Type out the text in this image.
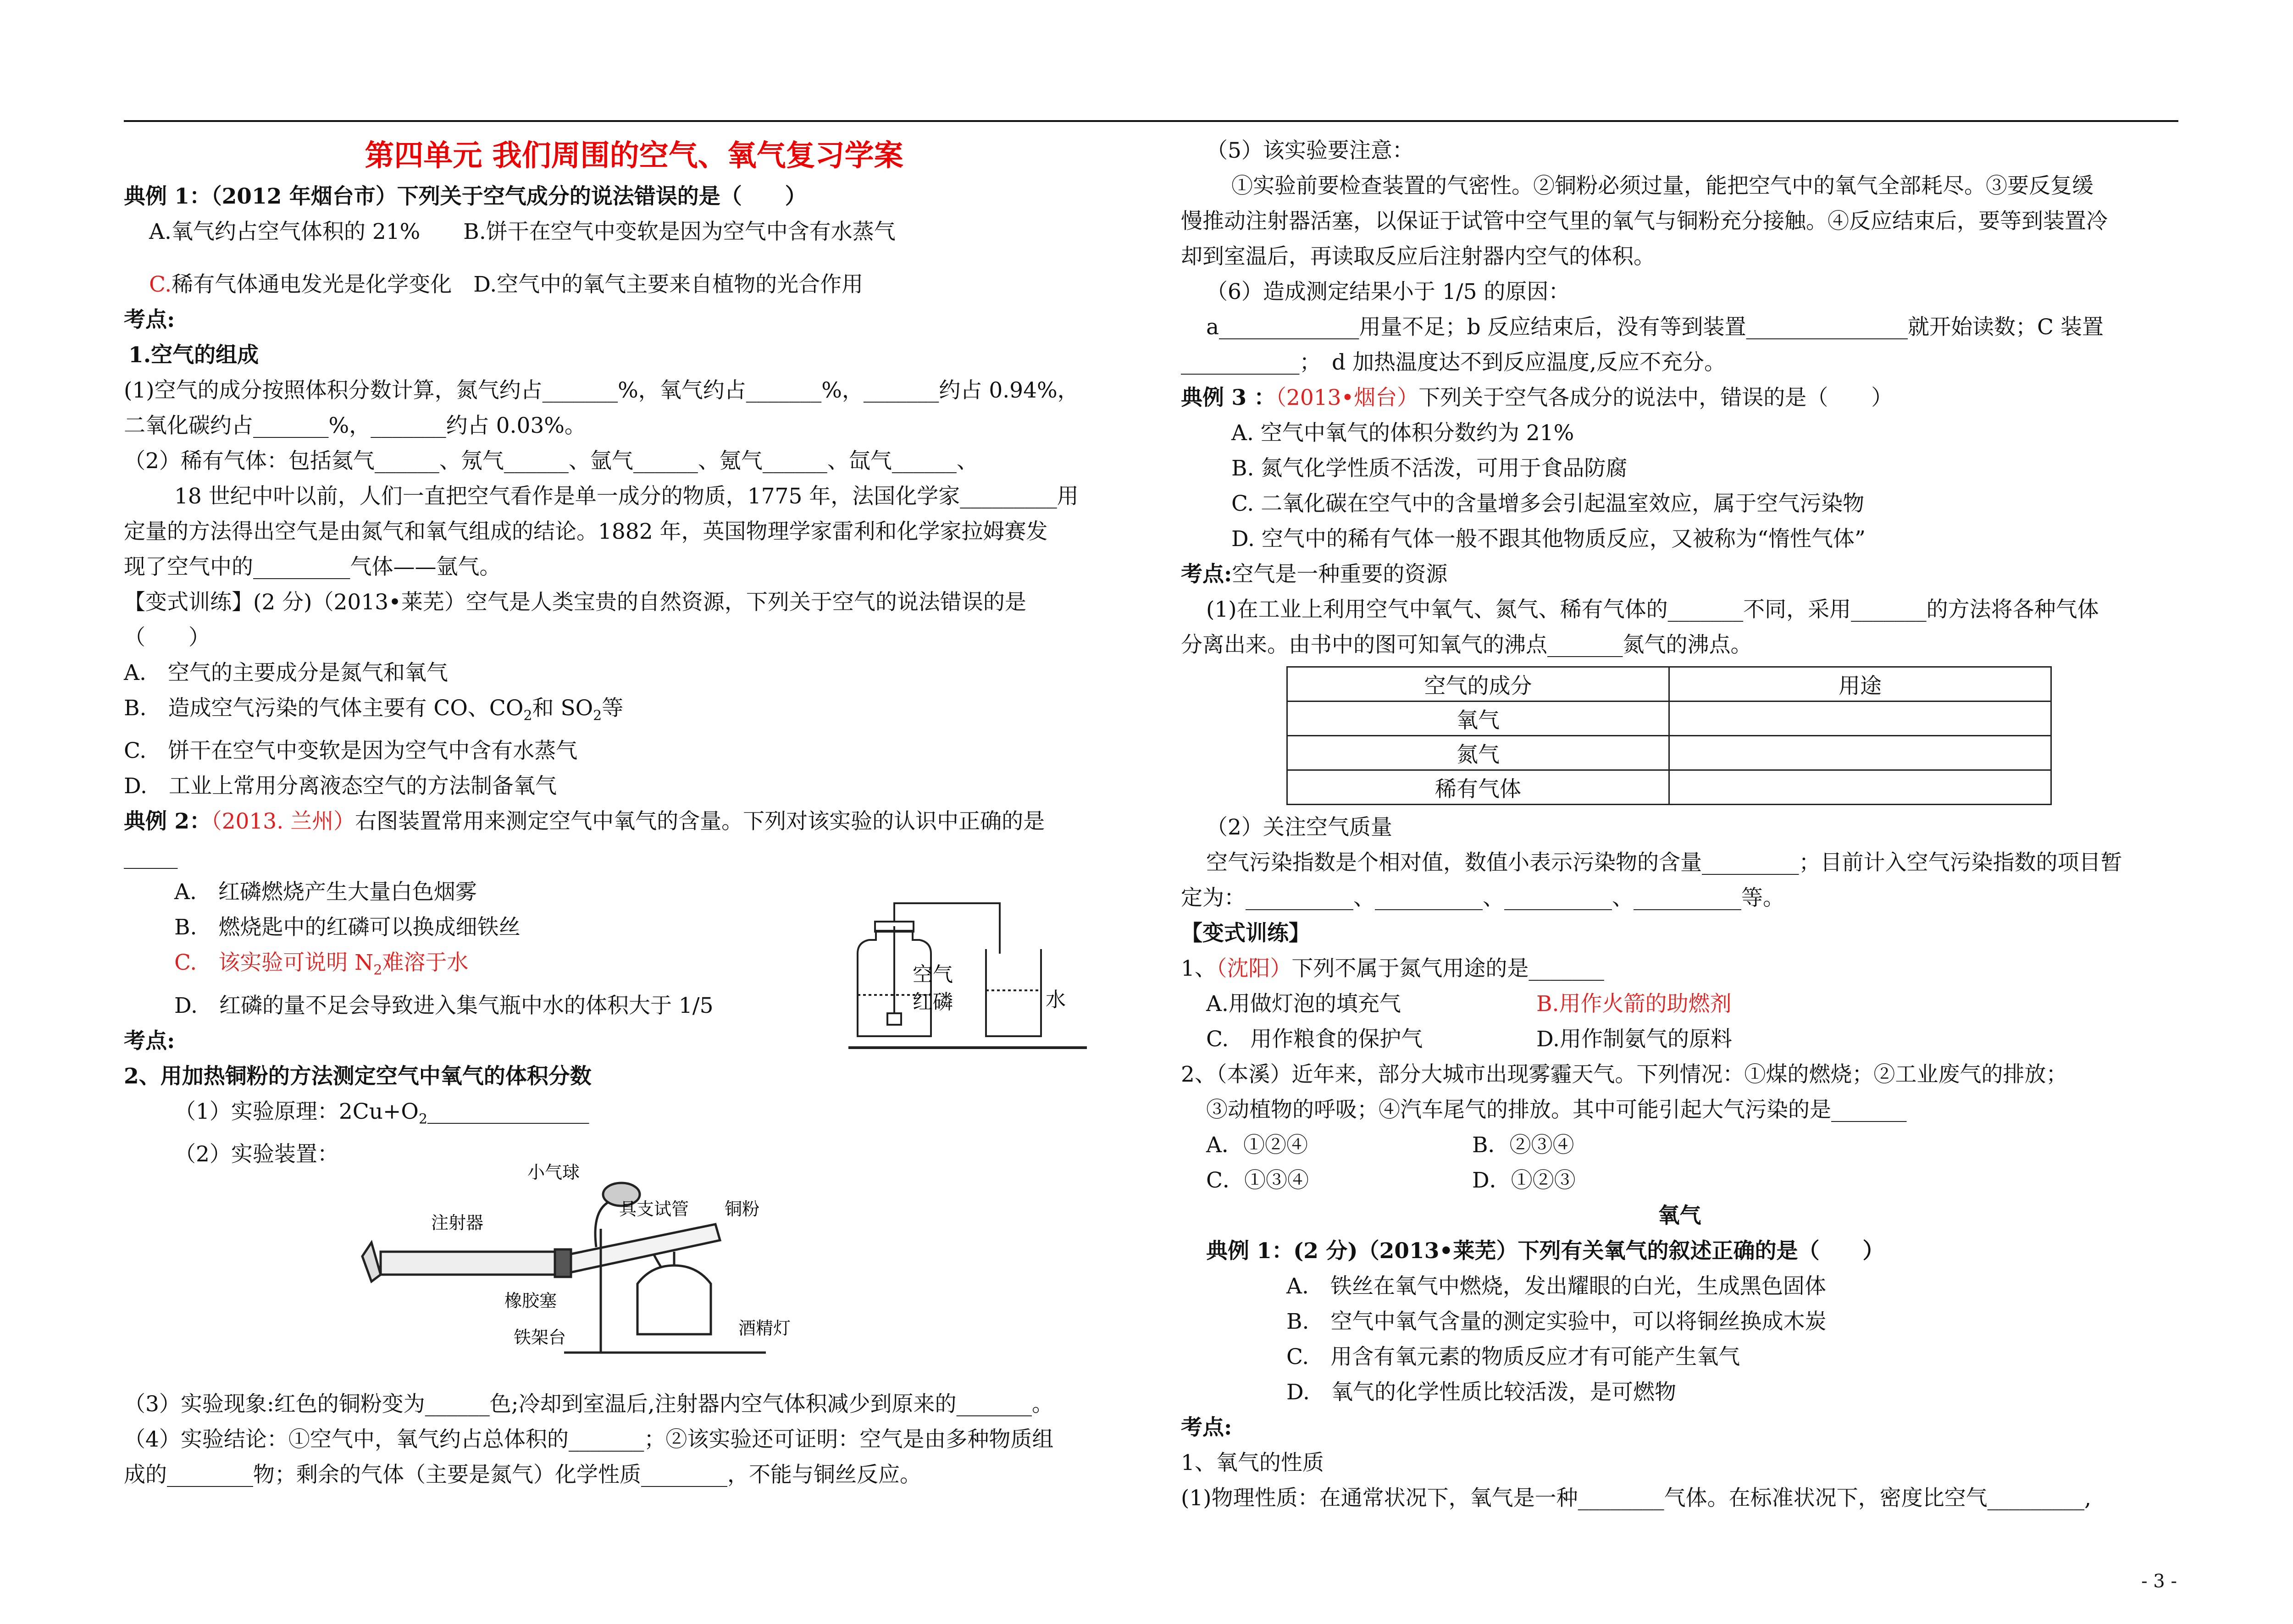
第四单元 我们周围的空气、氧气复习学案
典例 1：（2012 年烟台市）下列关于空气成分的说法错误的是（　　）
A.氧气约占空气体积的 21%　　B.饼干在空气中变软是因为空气中含有水蒸气
C.稀有气体通电发光是化学变化　D.空气中的氧气主要来自植物的光合作用
考点:
1.空气的组成
(1)空气的成分按照体积分数计算，氮气约占_______%，氧气约占_______%，_______约占 0.94%，
二氧化碳约占_______%，_______约占 0.03%。
（2）稀有气体：包括氦气______、氖气______、氩气______、氪气______、氙气______、
18 世纪中叶以前，人们一直把空气看作是单一成分的物质，1775 年，法国化学家_________用
定量的方法得出空气是由氮气和氧气组成的结论。1882 年，英国物理学家雷利和化学家拉姆赛发
现了空气中的_________气体——氩气。
【变式训练】(2 分)（2013•莱芜）空气是人类宝贵的自然资源，下列关于空气的说法错误的是
（　　）
A.　空气的主要成分是氮气和氧气
B.　造成空气污染的气体主要有 CO、$CO_2$和 $SO_2$等
C.　饼干在空气中变软是因为空气中含有水蒸气
D.　工业上常用分离液态空气的方法制备氧气
典例 2：（2013. 兰州）右图装置常用来测定空气中氧气的含量。下列对该实验的认识中正确的是
_____
A.　红磷燃烧产生大量白色烟雾
B.　燃烧匙中的红磷可以换成细铁丝
C.　该实验可说明 $N_2$难溶于水
D.　红磷的量不足会导致进入集气瓶中水的体积大于 1/5
考点:
2、用加热铜粉的方法测定空气中氧气的体积分数
（1）实验原理：$2Cu+O_2\_\_\_\_\_\_\_\_\_\_\_\_\_\_\_$
（2）实验装置：
（3）实验现象:红色的铜粉变为______色;冷却到室温后,注射器内空气体积减少到原来的_______。
（4）实验结论：①空气中，氧气约占总体积的_______；②该实验还可证明：空气是由多种物质组
成的________物；剩余的气体（主要是氮气）化学性质________，不能与铜丝反应。
空气
红磷	水
小气球
具支试管 铜粉
注射器
橡胶塞
铁架台	酒精灯
（5）该实验要注意：
①实验前要检查装置的气密性。②铜粉必须过量，能把空气中的氧气全部耗尽。③要反复缓
慢推动注射器活塞，以保证于试管中空气里的氧气与铜粉充分接触。④反应结束后，要等到装置冷
却到室温后，再读取反应后注射器内空气的体积。
（6）造成测定结果小于 1/5 的原因：
a_____________用量不足；b 反应结束后，没有等到装置_______________就开始读数；C 装置
___________；　d 加热温度达不到反应温度,反应不充分。
典例 3 ：（2013•烟台）下列关于空气各成分的说法中，错误的是（　　）
A. 空气中氧气的体积分数约为 21%
B. 氮气化学性质不活泼，可用于食品防腐
C. 二氧化碳在空气中的含量增多会引起温室效应，属于空气污染物
D. 空气中的稀有气体一般不跟其他物质反应，又被称为“惰性气体”
考点:空气是一种重要的资源
(1)在工业上利用空气中氧气、氮气、稀有气体的_______不同，采用_______的方法将各种气体
分离出来。由书中的图可知氧气的沸点_______氮气的沸点。
空气的成分	用途
氧气	
氮气	
稀有气体	
（2）关注空气质量
空气污染指数是个相对值，数值小表示污染物的含量_________；目前计入空气污染指数的项目暂
定为：__________、__________、__________、__________等。
【变式训练】
1、（沈阳）下列不属于氮气用途的是_______
A.用做灯泡的填充气	B.用作火箭的助燃剂
C.　用作粮食的保护气	D.用作制氨气的原料
2、（本溪）近年来，部分大城市出现雾霾天气。下列情况：①煤的燃烧；②工业废气的排放；
③动植物的呼吸；④汽车尾气的排放。其中可能引起大气污染的是_______
A．①②④	B．②③④
C．①③④	D．①②③
氧气
典例 1：(2 分)（2013•莱芜）下列有关氧气的叙述正确的是（　　）
A.　铁丝在氧气中燃烧，发出耀眼的白光，生成黑色固体
B.　空气中氧气含量的测定实验中，可以将铜丝换成木炭
C.　用含有氧元素的物质反应才有可能产生氧气
D.　氧气的化学性质比较活泼，是可燃物
考点:
1、氧气的性质
(1)物理性质：在通常状况下，氧气是一种________气体。在标准状况下，密度比空气_________,
- 3 -
